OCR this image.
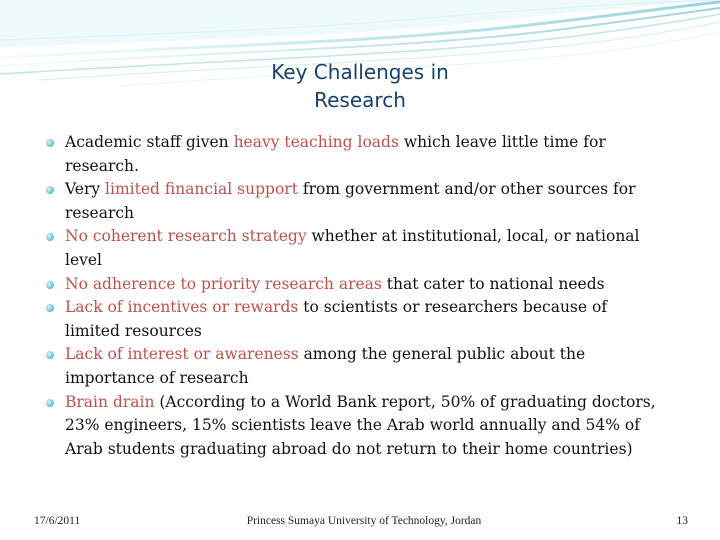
Key Challenges in
Research
Academic staff given heavy teaching loads which leave little time for research.
Very limited financial support from government and/or other sources for research
No coherent research strategy whether at institutional, local, or national level
No adherence to priority research areas that cater to national needs
Lack of incentives or rewards to scientists or researchers because of limited resources
Lack of interest or awareness among the general public about the importance of research
Brain drain (According to a World Bank report, 50% of graduating doctors, 23% engineers, 15% scientists leave the Arab world annually and 54% of Arab students graduating abroad do not return to their home countries)
17/6/2011	Princess Sumaya University of Technology, Jordan	13
